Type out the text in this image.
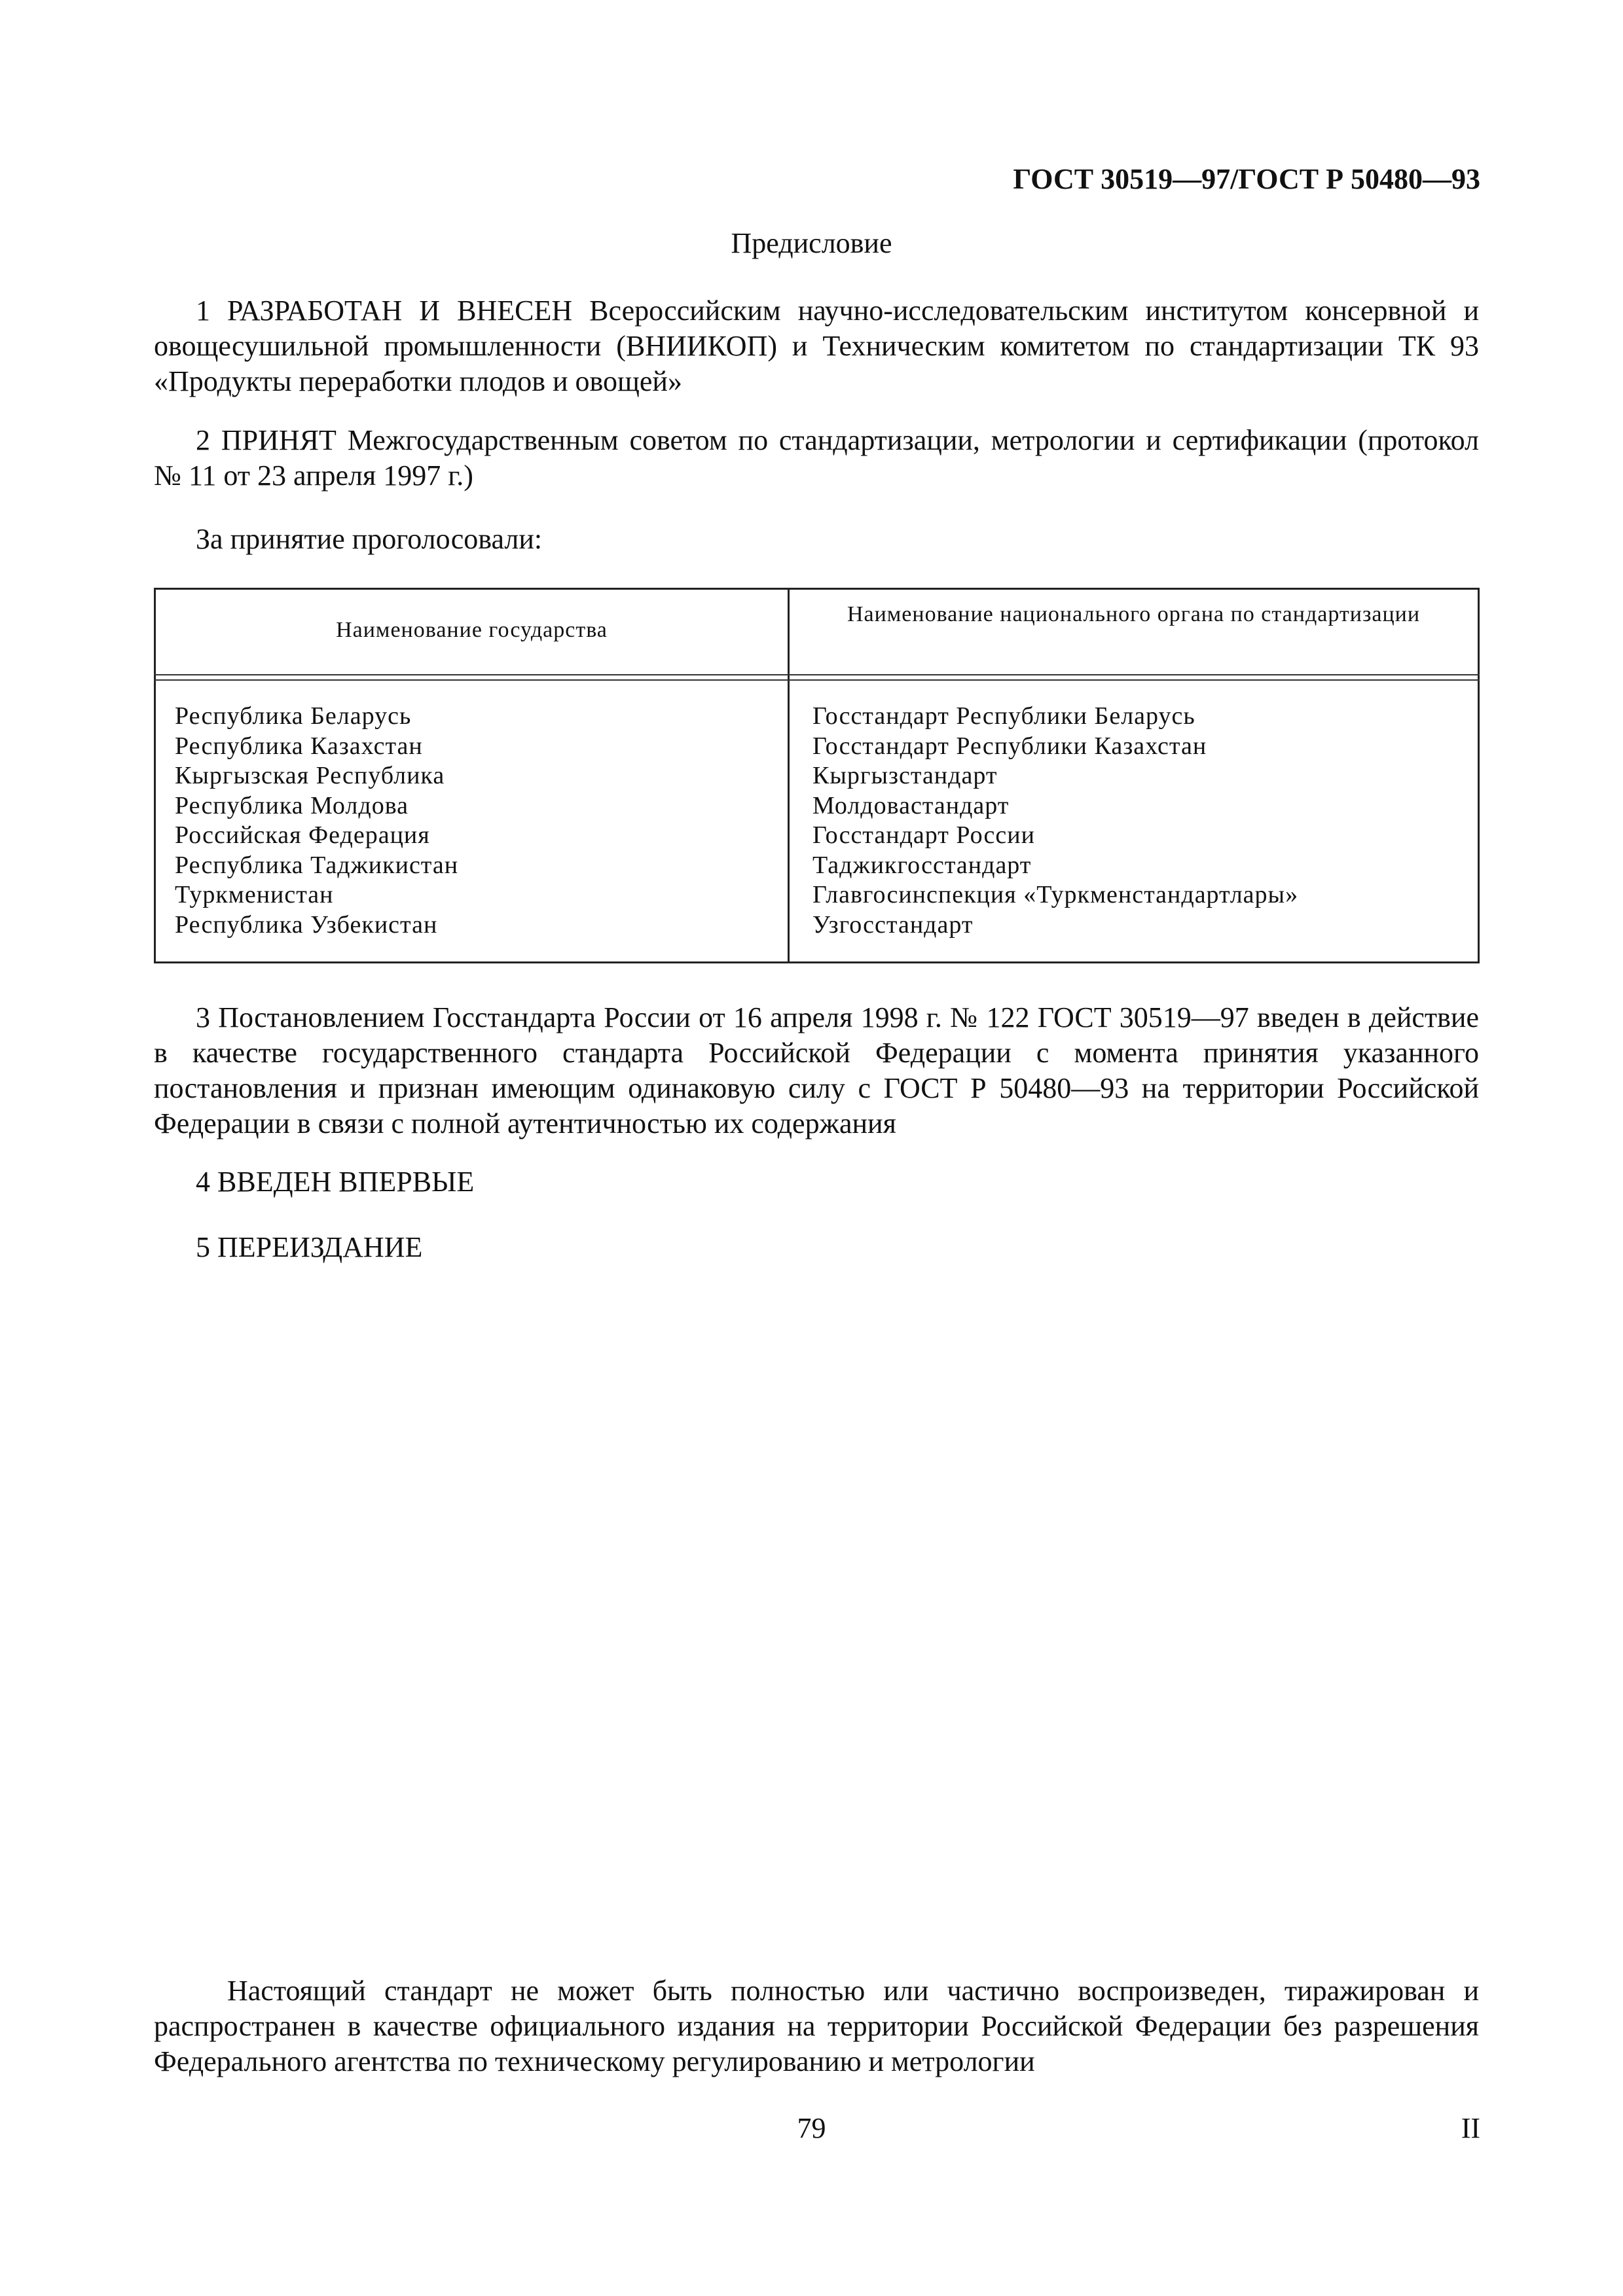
ГОСТ 30519—97/ГОСТ Р 50480—93
Предисловие
1 РАЗРАБОТАН И ВНЕСЕН Всероссийским научно-исследовательским институтом консервной и овощесушильной промышленности (ВНИИКОП) и Техническим комитетом по стандартизации ТК 93 «Продукты переработки плодов и овощей»
2 ПРИНЯТ Межгосударственным советом по стандартизации, метрологии и сертификации (протокол № 11 от 23 апреля 1997 г.)
За принятие проголосовали:
Наименование государства
Наименование национального органа по стандартизации
Республика Беларусь
Республика Казахстан
Кыргызская Республика
Республика Молдова
Российская Федерация
Республика Таджикистан
Туркменистан
Республика Узбекистан
Госстандарт Республики Беларусь
Госстандарт Республики Казахстан
Кыргызстандарт
Молдовастандарт
Госстандарт России
Таджикгосстандарт
Главгосинспекция «Туркменстандартлары»
Узгосстандарт
3 Постановлением Госстандарта России от 16 апреля 1998 г. № 122 ГОСТ 30519—97 введен в действие в качестве государственного стандарта Российской Федерации с момента принятия указанного постановления и признан имеющим одинаковую силу с ГОСТ Р 50480—93 на территории Российской Федерации в связи с полной аутентичностью их содержания
4 ВВЕДЕН ВПЕРВЫЕ
5 ПЕРЕИЗДАНИЕ
Настоящий стандарт не может быть полностью или частично воспроизведен, тиражирован и распространен в качестве официального издания на территории Российской Федерации без разрешения Федерального агентства по техническому регулированию и метрологии
79	II
